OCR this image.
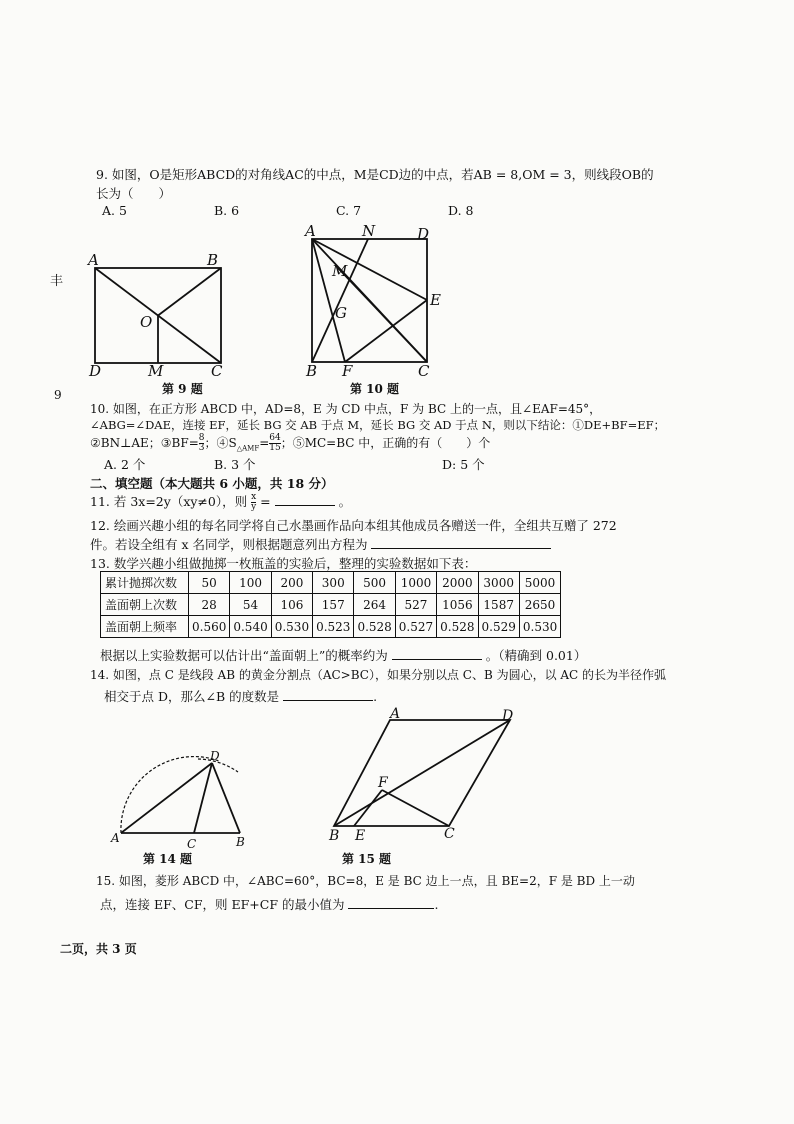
丰
9
9. 如图，O是矩形ABCD的对角线AC的中点，M是CD边的中点，若AB = 8,OM = 3，则线段OB的
长为（　　）
A. 5	B. 6	C. 7	D. 8
A	B
C
D
O
M
第 9 题
A	N	D
M
E
G
B F	C
第 10 题
10. 如图，在正方形 ABCD 中，AD=8，E 为 CD 中点，F 为 BC 上的一点，且∠EAF=45°，
∠ABG=∠DAE，连接 EF，延长 BG 交 AB 于点 M，延长 BG 交 AD 于点 N，则以下结论：①DE+BF=EF；
②BN⊥AE；③BF= $\frac{8}{3}$ ；$④S_{\triangle AMF}= \frac{64}{15}$ ；⑤MC=BC 中，正确的有（　　）个
A. 2 个	B. 3 个	D: 5 个
二、填空题（本大题共 6 小题，共 18 分）
11. 若 3x=2y（xy≠0），则 $\frac{x}{y}$ =	。
12. 绘画兴趣小组的每名同学将自己水墨画作品向本组其他成员各赠送一件，全组共互赠了 272
件。若设全组有 x 名同学，则根据题意列出方程为
13. 数学兴趣小组做抛掷一枚瓶盖的实验后，整理的实验数据如下表：
累计抛掷次数	50	100	200	300	500	1000	2000	3000	5000
盖面朝上次数	28	54	106	157	264	527	1056	1587	2650
盖面朝上频率	0.560	0.540	0.530	0.523	0.528	0.527	0.528	0.529	0.530
根据以上实验数据可以估计出“盖面朝上”的概率约为	。（精确到 0.01）
14. 如图，点 C 是线段 AB 的黄金分割点（AC>BC），如果分别以点 C、B 为圆心，以 AC 的长为半径作弧
相交于点 D，那么∠B 的度数是	.
A	C	B
D
第 14 题
A	D
F
B E	C
第 15 题
15. 如图，菱形 ABCD 中，∠ABC=60°，BC=8，E 是 BC 边上一点，且 BE=2，F 是 BD 上一动
点，连接 EF、CF，则 EF+CF 的最小值为	.
二页，共 3 页
